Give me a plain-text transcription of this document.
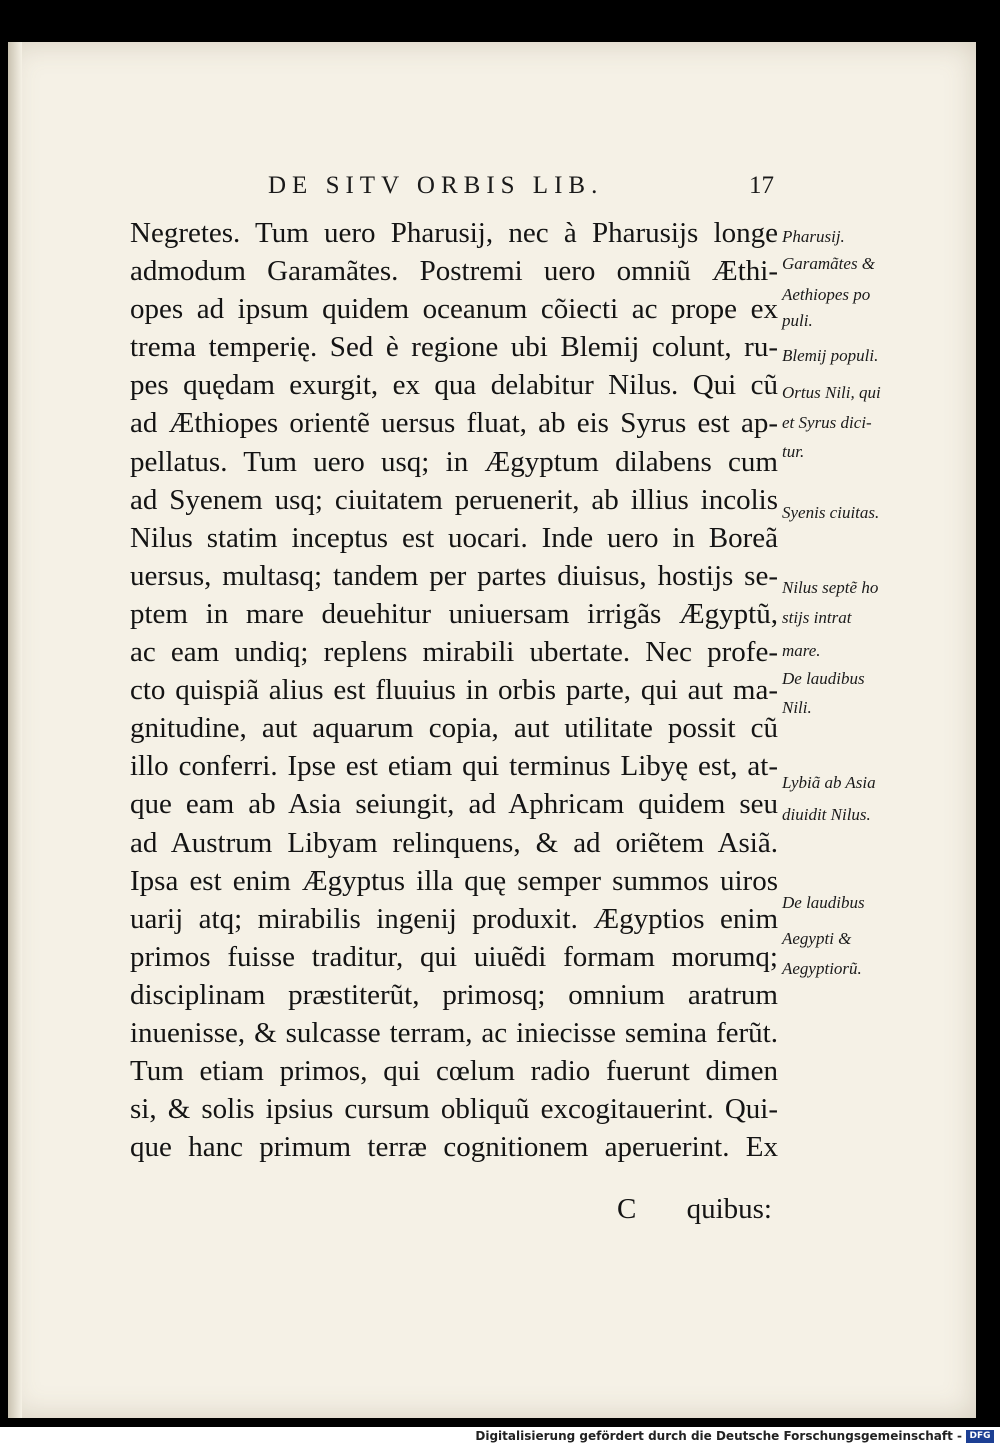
DE SITV ORBIS LIB.	17
Negretes. Tum uero Pharusij, nec à Pharusijs longe
admodum Garamãtes. Postremi uero omniũ Æthi-
opes ad ipsum quidem oceanum cõiecti ac prope ex
trema temperię. Sed è regione ubi Blemij colunt, ru-
pes quędam exurgit, ex qua delabitur Nilus. Qui cũ
ad Æthiopes orientẽ uersus fluat, ab eis Syrus est ap-
pellatus. Tum uero usq; in Ægyptum dilabens cum
ad Syenem usq; ciuitatem peruenerit, ab illius incolis
Nilus statim inceptus est uocari. Inde uero in Boreã
uersus, multasq; tandem per partes diuisus, hostijs se-
ptem in mare deuehitur uniuersam irrigãs Ægyptũ,
ac eam undiq; replens mirabili ubertate. Nec profe-
cto quispiã alius est fluuius in orbis parte, qui aut ma-
gnitudine, aut aquarum copia, aut utilitate possit cũ
illo conferri. Ipse est etiam qui terminus Libyę est, at-
que eam ab Asia seiungit, ad Aphricam quidem seu
ad Austrum Libyam relinquens, & ad oriẽtem Asiã.
Ipsa est enim Ægyptus illa quę semper summos uiros
uarij atq; mirabilis ingenij produxit. Ægyptios enim
primos fuisse traditur, qui uiuẽdi formam morumq;
disciplinam præstiterũt, primosq; omnium aratrum
inuenisse, & sulcasse terram, ac iniecisse semina ferũt.
Tum etiam primos, qui cœlum radio fuerunt dimen
si, & solis ipsius cursum obliquũ excogitauerint. Qui-
que hanc primum terræ cognitionem aperuerint. Ex
C quibus:
Pharusij.
Garamãtes &
Aethiopes po
puli.
Blemij populi.
Ortus Nili, qui
et Syrus dici-
tur.
Syenis ciuitas.
Nilus septẽ ho
stijs intrat
mare.
De laudibus
Nili.
Lybiã ab Asia
diuidit Nilus.
De laudibus
Aegypti &
Aegyptiorũ.
Digitalisierung gefördert durch die Deutsche Forschungsgemeinschaft - DFG
